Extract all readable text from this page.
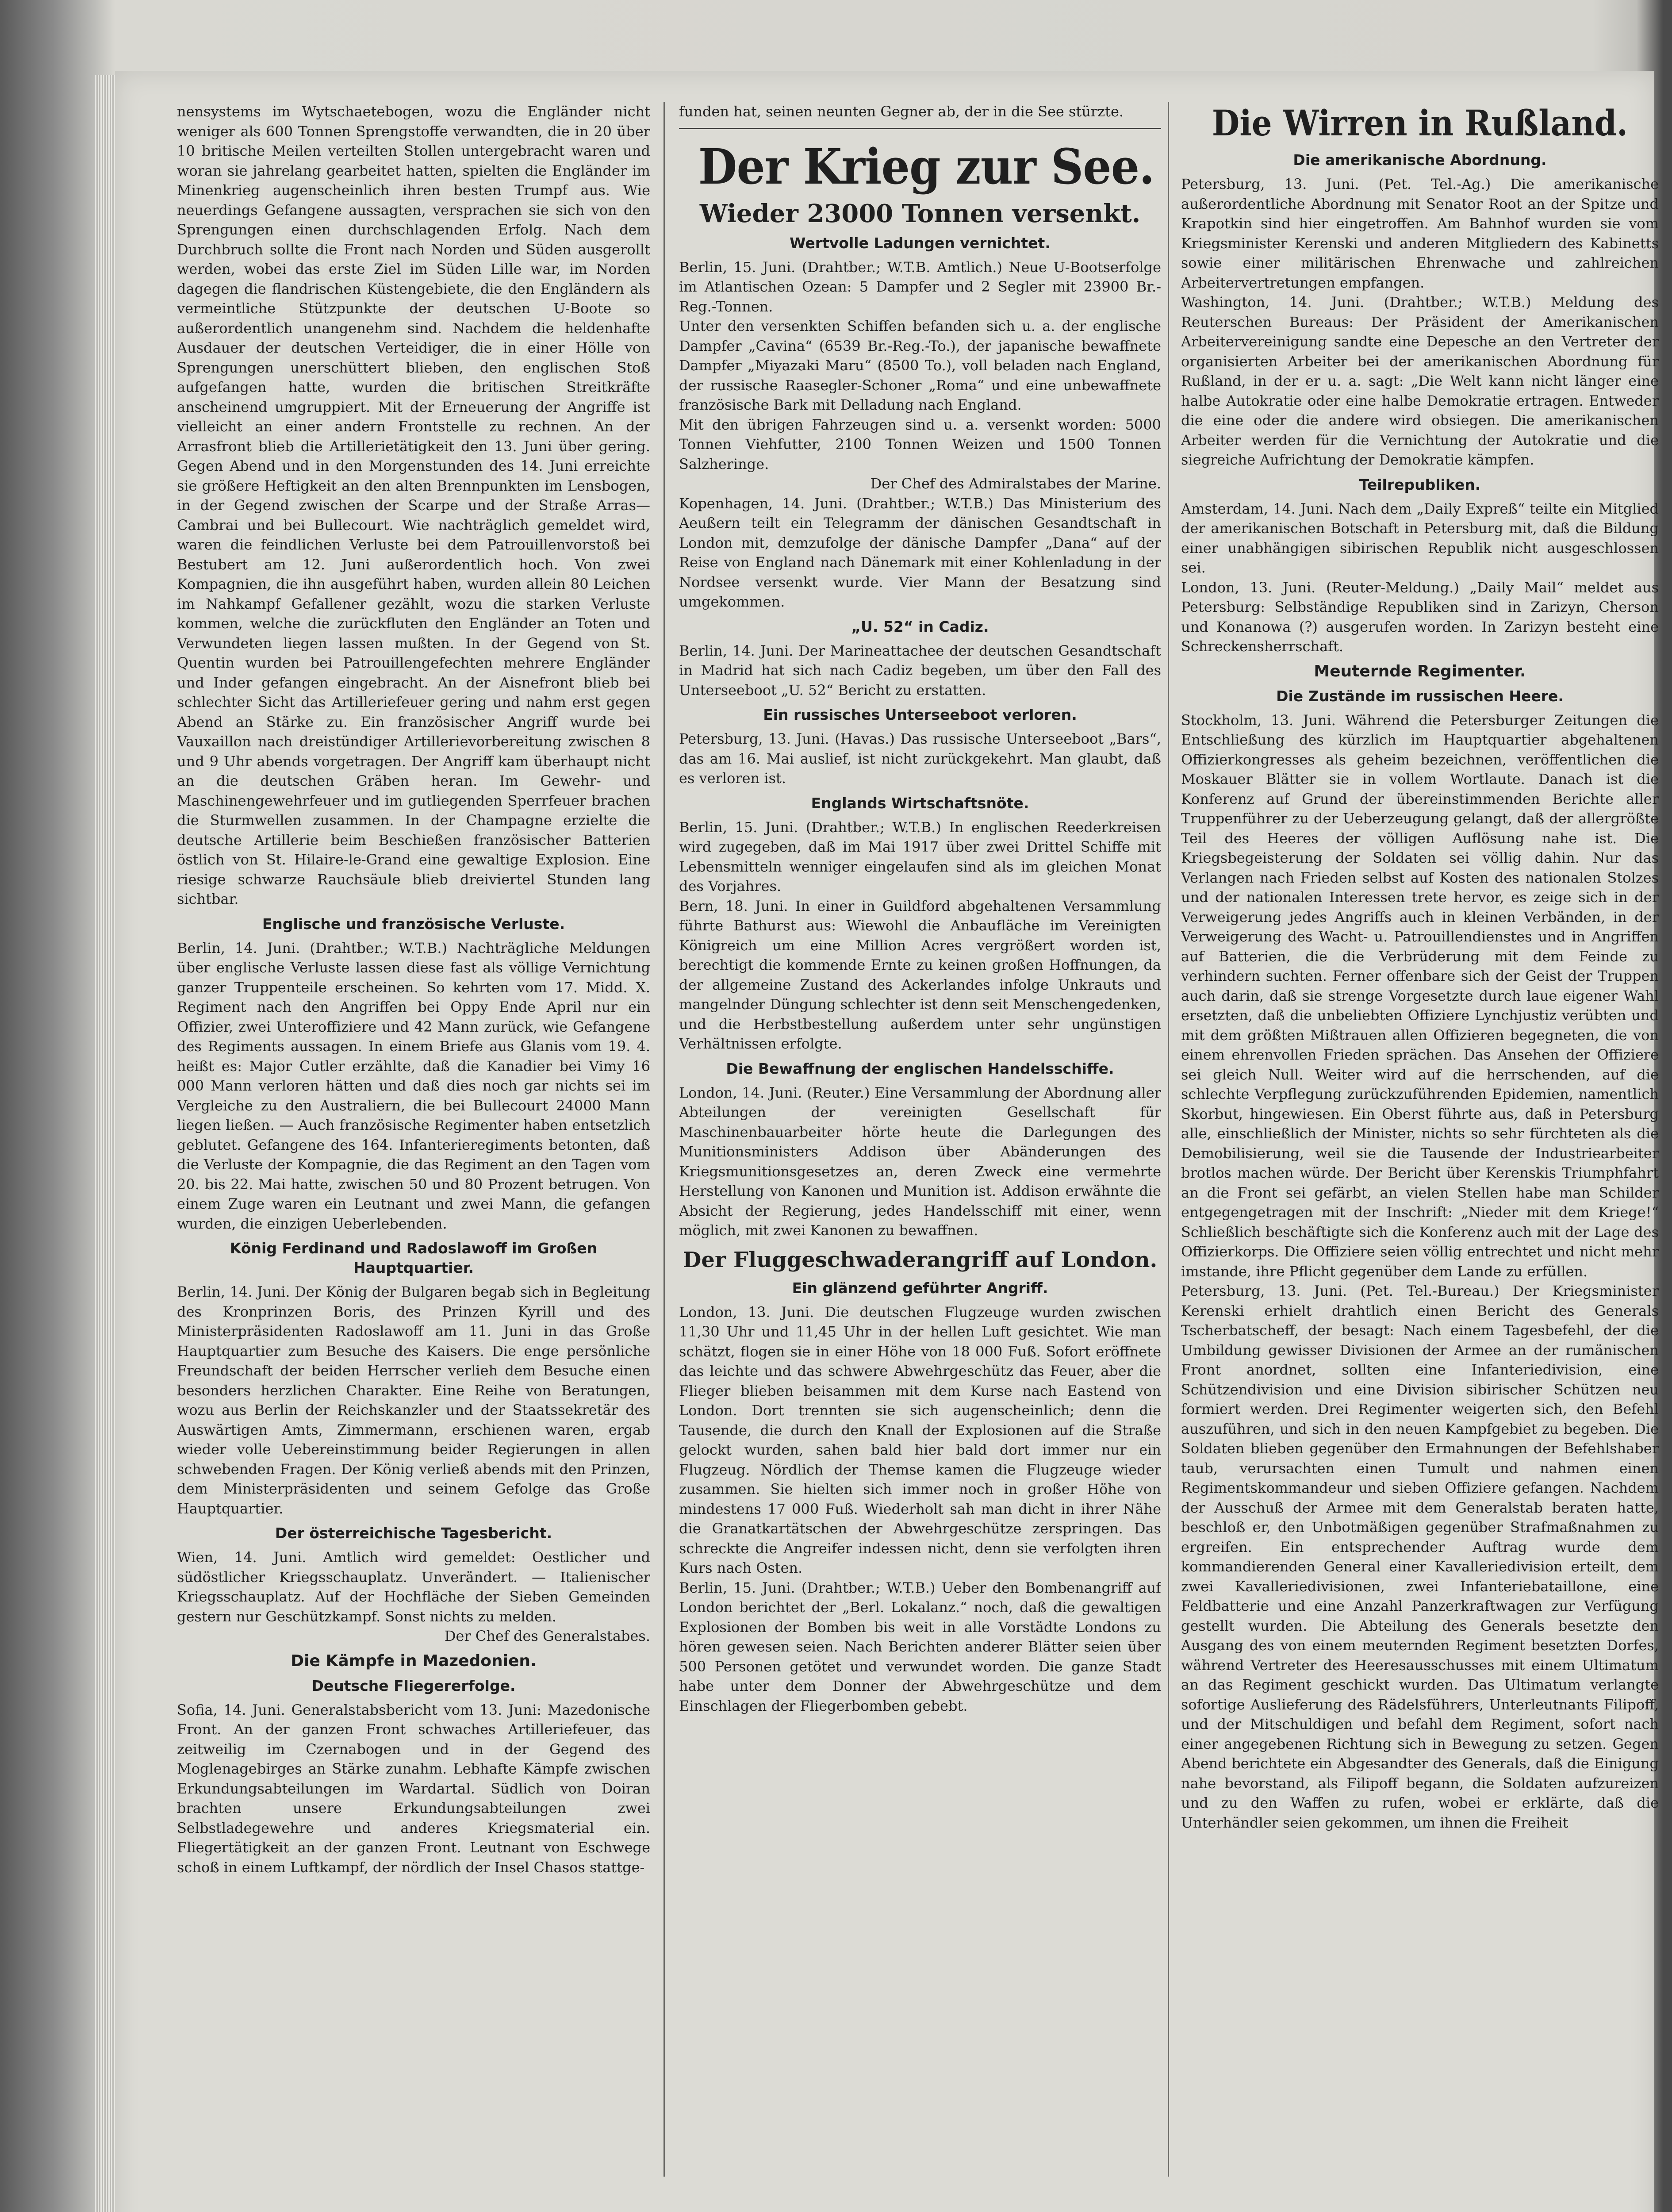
nensystems im Wytschaetebogen, wozu die Engländer nicht weniger als 600 Tonnen Sprengstoffe verwandten, die in 20 über 10 britische Meilen verteilten Stollen untergebracht waren und woran sie jahrelang gearbeitet hatten, spielten die Engländer im Minenkrieg augenscheinlich ihren besten Trumpf aus. Wie neuerdings Gefangene aussagten, versprachen sie sich von den Sprengungen einen durchschlagenden Erfolg. Nach dem Durchbruch sollte die Front nach Norden und Süden ausgerollt werden, wobei das erste Ziel im Süden Lille war, im Norden dagegen die flandrischen Küstengebiete, die den Engländern als vermeintliche Stützpunkte der deutschen U-Boote so außerordentlich unangenehm sind. Nachdem die heldenhafte Ausdauer der deutschen Verteidiger, die in einer Hölle von Sprengungen unerschüttert blieben, den englischen Stoß aufgefangen hatte, wurden die britischen Streitkräfte anscheinend umgruppiert. Mit der Erneuerung der Angriffe ist vielleicht an einer andern Frontstelle zu rechnen. An der Arrasfront blieb die Artillerietätigkeit den 13. Juni über gering. Gegen Abend und in den Morgenstunden des 14. Juni erreichte sie größere Heftigkeit an den alten Brennpunkten im Lensbogen, in der Gegend zwischen der Scarpe und der Straße Arras—Cambrai und bei Bullecourt. Wie nachträglich gemeldet wird, waren die feindlichen Verluste bei dem Patrouillenvorstoß bei Bestubert am 12. Juni außerordentlich hoch. Von zwei Kompagnien, die ihn ausgeführt haben, wurden allein 80 Leichen im Nahkampf Gefallener gezählt, wozu die starken Verluste kommen, welche die zurückfluten den Engländer an Toten und Verwundeten liegen lassen mußten. In der Gegend von St. Quentin wurden bei Patrouillengefechten mehrere Engländer und Inder gefangen eingebracht. An der Aisnefront blieb bei schlechter Sicht das Artilleriefeuer gering und nahm erst gegen Abend an Stärke zu. Ein französischer Angriff wurde bei Vauxaillon nach dreistündiger Artillerievorbereitung zwischen 8 und 9 Uhr abends vorgetragen. Der Angriff kam überhaupt nicht an die deutschen Gräben heran. Im Gewehr- und Maschinengewehrfeuer und im gutliegenden Sperrfeuer brachen die Sturmwellen zusammen. In der Champagne erzielte die deutsche Artillerie beim Beschießen französischer Batterien östlich von St. Hilaire-le-Grand eine gewaltige Explosion. Eine riesige schwarze Rauchsäule blieb dreiviertel Stunden lang sichtbar.

Englische und französische Verluste.

Berlin, 14. Juni. (Drahtber.; W.T.B.) Nachträgliche Meldungen über englische Verluste lassen diese fast als völlige Vernichtung ganzer Truppenteile erscheinen. So kehrten vom 17. Midd. X. Regiment nach den Angriffen bei Oppy Ende April nur ein Offizier, zwei Unteroffiziere und 42 Mann zurück, wie Gefangene des Regiments aussagen. In einem Briefe aus Glanis vom 19. 4. heißt es: Major Cutler erzählte, daß die Kanadier bei Vimy 16 000 Mann verloren hätten und daß dies noch gar nichts sei im Vergleiche zu den Australiern, die bei Bullecourt 24000 Mann liegen ließen. — Auch französische Regimenter haben entsetzlich geblutet. Gefangene des 164. Infanterieregiments betonten, daß die Verluste der Kompagnie, die das Regiment an den Tagen vom 20. bis 22. Mai hatte, zwischen 50 und 80 Prozent betrugen. Von einem Zuge waren ein Leutnant und zwei Mann, die gefangen wurden, die einzigen Ueberlebenden.

König Ferdinand und Radoslawoff im Großen Hauptquartier.

Berlin, 14. Juni. Der König der Bulgaren begab sich in Begleitung des Kronprinzen Boris, des Prinzen Kyrill und des Ministerpräsidenten Radoslawoff am 11. Juni in das Große Hauptquartier zum Besuche des Kaisers. Die enge persönliche Freundschaft der beiden Herrscher verlieh dem Besuche einen besonders herzlichen Charakter. Eine Reihe von Beratungen, wozu aus Berlin der Reichskanzler und der Staatssekretär des Auswärtigen Amts, Zimmermann, erschienen waren, ergab wieder volle Uebereinstimmung beider Regierungen in allen schwebenden Fragen. Der König verließ abends mit den Prinzen, dem Ministerpräsidenten und seinem Gefolge das Große Hauptquartier.

Der österreichische Tagesbericht.

Wien, 14. Juni. Amtlich wird gemeldet: Oestlicher und südöstlicher Kriegsschauplatz. Unverändert. — Italienischer Kriegsschauplatz. Auf der Hochfläche der Sieben Gemeinden gestern nur Geschützkampf. Sonst nichts zu melden.

Der Chef des Generalstabes.

Die Kämpfe in Mazedonien.
Deutsche Fliegererfolge.

Sofia, 14. Juni. Generalstabsbericht vom 13. Juni: Mazedonische Front. An der ganzen Front schwaches Artilleriefeuer, das zeitweilig im Czernabogen und in der Gegend des Moglenagebirges an Stärke zunahm. Lebhafte Kämpfe zwischen Erkundungsabteilungen im Wardartal. Südlich von Doiran brachten unsere Erkundungsabteilungen zwei Selbstladegewehre und anderes Kriegsmaterial ein. Fliegertätigkeit an der ganzen Front. Leutnant von Eschwege schoß in einem Luftkampf, der nördlich der Insel Chasos stattge-

funden hat, seinen neunten Gegner ab, der in die See stürzte.

Der Krieg zur See.
Wieder 23000 Tonnen versenkt.
Wertvolle Ladungen vernichtet.

Berlin, 15. Juni. (Drahtber.; W.T.B. Amtlich.) Neue U-Bootserfolge im Atlantischen Ozean: 5 Dampfer und 2 Segler mit 23900 Br.-Reg.-Tonnen.

Unter den versenkten Schiffen befanden sich u. a. der englische Dampfer „Cavina“ (6539 Br.-Reg.-To.), der japanische bewaffnete Dampfer „Miyazaki Maru“ (8500 To.), voll beladen nach England, der russische Raasegler-Schoner „Roma“ und eine unbewaffnete französische Bark mit Delladung nach England.

Mit den übrigen Fahrzeugen sind u. a. versenkt worden: 5000 Tonnen Viehfutter, 2100 Tonnen Weizen und 1500 Tonnen Salzheringe.

Der Chef des Admiralstabes der Marine.

Kopenhagen, 14. Juni. (Drahtber.; W.T.B.) Das Ministerium des Aeußern teilt ein Telegramm der dänischen Gesandtschaft in London mit, demzufolge der dänische Dampfer „Dana“ auf der Reise von England nach Dänemark mit einer Kohlenladung in der Nordsee versenkt wurde. Vier Mann der Besatzung sind umgekommen.

„U. 52“ in Cadiz.

Berlin, 14. Juni. Der Marineattachee der deutschen Gesandtschaft in Madrid hat sich nach Cadiz begeben, um über den Fall des Unterseeboot „U. 52“ Bericht zu erstatten.

Ein russisches Unterseeboot verloren.

Petersburg, 13. Juni. (Havas.) Das russische Unterseeboot „Bars“, das am 16. Mai auslief, ist nicht zurückgekehrt. Man glaubt, daß es verloren ist.

Englands Wirtschaftsnöte.

Berlin, 15. Juni. (Drahtber.; W.T.B.) In englischen Reederkreisen wird zugegeben, daß im Mai 1917 über zwei Drittel Schiffe mit Lebensmitteln wenniger eingelaufen sind als im gleichen Monat des Vorjahres.

Bern, 18. Juni. In einer in Guildford abgehaltenen Versammlung führte Bathurst aus: Wiewohl die Anbaufläche im Vereinigten Königreich um eine Million Acres vergrößert worden ist, berechtigt die kommende Ernte zu keinen großen Hoffnungen, da der allgemeine Zustand des Ackerlandes infolge Unkrauts und mangelnder Düngung schlechter ist denn seit Menschengedenken, und die Herbstbestellung außerdem unter sehr ungünstigen Verhältnissen erfolgte.

Die Bewaffnung der englischen Handelsschiffe.

London, 14. Juni. (Reuter.) Eine Versammlung der Abordnung aller Abteilungen der vereinigten Gesellschaft für Maschinenbauarbeiter hörte heute die Darlegungen des Munitionsministers Addison über Abänderungen des Kriegsmunitionsgesetzes an, deren Zweck eine vermehrte Herstellung von Kanonen und Munition ist. Addison erwähnte die Absicht der Regierung, jedes Handelsschiff mit einer, wenn möglich, mit zwei Kanonen zu bewaffnen.

Der Fluggeschwaderangriff auf London.
Ein glänzend geführter Angriff.

London, 13. Juni. Die deutschen Flugzeuge wurden zwischen 11,30 Uhr und 11,45 Uhr in der hellen Luft gesichtet. Wie man schätzt, flogen sie in einer Höhe von 18 000 Fuß. Sofort eröffnete das leichte und das schwere Abwehrgeschütz das Feuer, aber die Flieger blieben beisammen mit dem Kurse nach Eastend von London. Dort trennten sie sich augenscheinlich; denn die Tausende, die durch den Knall der Explosionen auf die Straße gelockt wurden, sahen bald hier bald dort immer nur ein Flugzeug. Nördlich der Themse kamen die Flugzeuge wieder zusammen. Sie hielten sich immer noch in großer Höhe von mindestens 17 000 Fuß. Wiederholt sah man dicht in ihrer Nähe die Granatkartätschen der Abwehrgeschütze zerspringen. Das schreckte die Angreifer indessen nicht, denn sie verfolgten ihren Kurs nach Osten.

Berlin, 15. Juni. (Drahtber.; W.T.B.) Ueber den Bombenangriff auf London berichtet der „Berl. Lokalanz.“ noch, daß die gewaltigen Explosionen der Bomben bis weit in alle Vorstädte Londons zu hören gewesen seien. Nach Berichten anderer Blätter seien über 500 Personen getötet und verwundet worden. Die ganze Stadt habe unter dem Donner der Abwehrgeschütze und dem Einschlagen der Fliegerbomben gebebt.

Die Wirren in Rußland.
Die amerikanische Abordnung.

Petersburg, 13. Juni. (Pet. Tel.-Ag.) Die amerikanische außerordentliche Abordnung mit Senator Root an der Spitze und Krapotkin sind hier eingetroffen. Am Bahnhof wurden sie vom Kriegsminister Kerenski und anderen Mitgliedern des Kabinetts sowie einer militärischen Ehrenwache und zahlreichen Arbeitervertretungen empfangen.

Washington, 14. Juni. (Drahtber.; W.T.B.) Meldung des Reuterschen Bureaus: Der Präsident der Amerikanischen Arbeitervereinigung sandte eine Depesche an den Vertreter der organisierten Arbeiter bei der amerikanischen Abordnung für Rußland, in der er u. a. sagt: „Die Welt kann nicht länger eine halbe Autokratie oder eine halbe Demokratie ertragen. Entweder die eine oder die andere wird obsiegen. Die amerikanischen Arbeiter werden für die Vernichtung der Autokratie und die siegreiche Aufrichtung der Demokratie kämpfen.

Teilrepubliken.

Amsterdam, 14. Juni. Nach dem „Daily Expreß“ teilte ein Mitglied der amerikanischen Botschaft in Petersburg mit, daß die Bildung einer unabhängigen sibirischen Republik nicht ausgeschlossen sei.

London, 13. Juni. (Reuter-Meldung.) „Daily Mail“ meldet aus Petersburg: Selbständige Republiken sind in Zarizyn, Cherson und Konanowa (?) ausgerufen worden. In Zarizyn besteht eine Schreckensherrschaft.

Meuternde Regimenter.
Die Zustände im russischen Heere.

Stockholm, 13. Juni. Während die Petersburger Zeitungen die Entschließung des kürzlich im Hauptquartier abgehaltenen Offizierkongresses als geheim bezeichnen, veröffentlichen die Moskauer Blätter sie in vollem Wortlaute. Danach ist die Konferenz auf Grund der übereinstimmenden Berichte aller Truppenführer zu der Ueberzeugung gelangt, daß der allergrößte Teil des Heeres der völligen Auflösung nahe ist. Die Kriegsbegeisterung der Soldaten sei völlig dahin. Nur das Verlangen nach Frieden selbst auf Kosten des nationalen Stolzes und der nationalen Interessen trete hervor, es zeige sich in der Verweigerung jedes Angriffs auch in kleinen Verbänden, in der Verweigerung des Wacht- u. Patrouillendienstes und in Angriffen auf Batterien, die die Verbrüderung mit dem Feinde zu verhindern suchten. Ferner offenbare sich der Geist der Truppen auch darin, daß sie strenge Vorgesetzte durch laue eigener Wahl ersetzten, daß die unbeliebten Offiziere Lynchjustiz verübten und mit dem größten Mißtrauen allen Offizieren begegneten, die von einem ehrenvollen Frieden sprächen. Das Ansehen der Offiziere sei gleich Null. Weiter wird auf die herrschenden, auf die schlechte Verpflegung zurückzuführenden Epidemien, namentlich Skorbut, hingewiesen. Ein Oberst führte aus, daß in Petersburg alle, einschließlich der Minister, nichts so sehr fürchteten als die Demobilisierung, weil sie die Tausende der Industriearbeiter brotlos machen würde. Der Bericht über Kerenskis Triumphfahrt an die Front sei gefärbt, an vielen Stellen habe man Schilder entgegengetragen mit der Inschrift: „Nieder mit dem Kriege!“ Schließlich beschäftigte sich die Konferenz auch mit der Lage des Offizierkorps. Die Offiziere seien völlig entrechtet und nicht mehr imstande, ihre Pflicht gegenüber dem Lande zu erfüllen.

Petersburg, 13. Juni. (Pet. Tel.-Bureau.) Der Kriegsminister Kerenski erhielt drahtlich einen Bericht des Generals Tscherbatscheff, der besagt: Nach einem Tagesbefehl, der die Umbildung gewisser Divisionen der Armee an der rumänischen Front anordnet, sollten eine Infanteriedivision, eine Schützendivision und eine Division sibirischer Schützen neu formiert werden. Drei Regimenter weigerten sich, den Befehl auszuführen, und sich in den neuen Kampfgebiet zu begeben. Die Soldaten blieben gegenüber den Ermahnungen der Befehlshaber taub, verursachten einen Tumult und nahmen einen Regimentskommandeur und sieben Offiziere gefangen. Nachdem der Ausschuß der Armee mit dem Generalstab beraten hatte, beschloß er, den Unbotmäßigen gegenüber Strafmaßnahmen zu ergreifen. Ein entsprechender Auftrag wurde dem kommandierenden General einer Kavalleriedivision erteilt, dem zwei Kavalleriedivisionen, zwei Infanteriebataillone, eine Feldbatterie und eine Anzahl Panzerkraftwagen zur Verfügung gestellt wurden. Die Abteilung des Generals besetzte den Ausgang des von einem meuternden Regiment besetzten Dorfes, während Vertreter des Heeresausschusses mit einem Ultimatum an das Regiment geschickt wurden. Das Ultimatum verlangte sofortige Auslieferung des Rädelsführers, Unterleutnants Filipoff, und der Mitschuldigen und befahl dem Regiment, sofort nach einer angegebenen Richtung sich in Bewegung zu setzen. Gegen Abend berichtete ein Abgesandter des Generals, daß die Einigung nahe bevorstand, als Filipoff begann, die Soldaten aufzureizen und zu den Waffen zu rufen, wobei er erklärte, daß die Unterhändler seien gekommen, um ihnen die Freiheit
